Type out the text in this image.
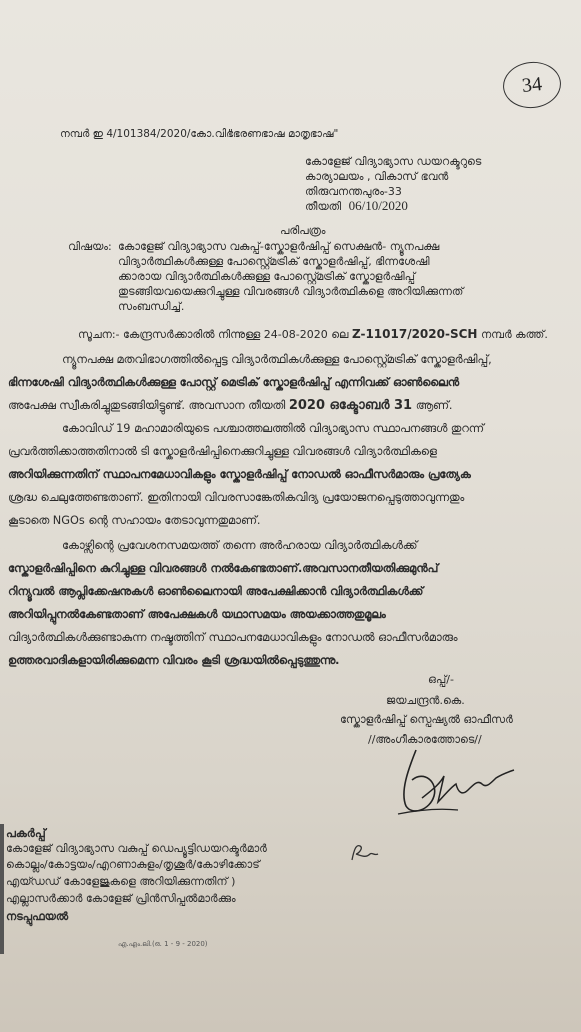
നമ്പർ ഇ 4/101384/2020/കോ.വിഭ
"ഭരണഭാഷ മാതൃഭാഷ"
34
കോളേജ് വിദ്യാഭ്യാസ ഡയറക്ടറുടെ
കാര്യാലയം , വികാസ് ഭവൻ
തിരുവനന്തപുരം-33
തീയതി 06/10/2020
പരിപത്രം
വിഷയം: കോളേജ് വിദ്യാഭ്യാസ വകുപ്പ്-സ്കോളർഷിപ്പ് സെക്ഷൻ- ന്യൂനപക്ഷ
വിദ്യാർത്ഥികൾക്കുള്ള പോസ്റ്റ്മെട്രിക് സ്കോളർഷിപ്പ്, ഭിന്നശേഷി
ക്കാരായ വിദ്യാർത്ഥികൾക്കുള്ള പോസ്റ്റ്മെട്രിക് സ്കോളർഷിപ്പ്
തുടങ്ങിയവയെക്കുറിച്ചുള്ള വിവരങ്ങൾ വിദ്യാർത്ഥികളെ അറിയിക്കുന്നത്
സംബന്ധിച്ച്.
സൂചന:- കേന്ദ്രസർക്കാരിൽ നിന്നുള്ള 24-08-2020 ലെ Z-11017/2020-SCH നമ്പർ കത്ത്.
ന്യൂനപക്ഷ മതവിഭാഗത്തിൽപ്പെട്ട വിദ്യാർത്ഥികൾക്കുള്ള പോസ്റ്റ്മെട്രിക് സ്കോളർഷിപ്പ്,
ഭിന്നശേഷി വിദ്യാർത്ഥികൾക്കുള്ള പോസ്റ്റ് മെട്രിക് സ്കോളർഷിപ്പ് എന്നിവക്ക് ഓൺലൈൻ
അപേക്ഷ സ്വീകരിച്ചുതുടങ്ങിയിട്ടുണ്ട്. അവസാന തീയതി 2020 ഒക്ടോബർ 31 ആണ്.
കോവിഡ് 19 മഹാമാരിയുടെ പശ്ചാത്തലത്തിൽ വിദ്യാഭ്യാസ സ്ഥാപനങ്ങൾ തുറന്ന്
പ്രവർത്തിക്കാത്തതിനാൽ ടി സ്കോളർഷിപ്പിനെക്കുറിച്ചുള്ള വിവരങ്ങൾ വിദ്യാർത്ഥികളെ
അറിയിക്കുന്നതിന് സ്ഥാപനമേധാവികളും സ്കോളർഷിപ്പ് നോഡൽ ഓഫീസർമാരും പ്രത്യേക
ശ്രദ്ധ ചെലുത്തേണ്ടതാണ്. ഇതിനായി വിവരസാങ്കേതികവിദ്യ പ്രയോജനപ്പെടുത്താവുന്നതും
കൂടാതെ NGOs ന്റെ സഹായം തേടാവുന്നതുമാണ്.
കോഴ്സിന്റെ പ്രവേശനസമയത്ത് തന്നെ അർഹരായ വിദ്യാർത്ഥികൾക്ക്
സ്കോളർഷിപ്പിനെ കുറിച്ചുള്ള വിവരങ്ങൾ നൽകേണ്ടതാണ്.അവസാനതീയതിക്കുമുൻപ്
റിന്യൂവൽ ആപ്ലിക്കേഷനുകൾ ഓൺലൈനായി അപേക്ഷിക്കാൻ വിദ്യാർത്ഥികൾക്ക്
അറിയിപ്പുനൽകേണ്ടതാണ് അപേക്ഷകൾ യഥാസമയം അയക്കാത്തതുമൂലം
വിദ്യാർത്ഥികൾക്കുണ്ടാകുന്ന നഷ്ടത്തിന് സ്ഥാപനമേധാവികളും നോഡൽ ഓഫീസർമാരും
ഉത്തരവാദികളായിരിക്കുമെന്ന വിവരം കൂടി ശ്രദ്ധയിൽപ്പെടുത്തുന്നു.
ഒപ്പ്/-
ജയചന്ദ്രൻ.കെ.
സ്കോളർഷിപ്പ് സ്പെഷ്യൽ ഓഫീസർ
//അംഗീകാരത്തോടെ//
പകർപ്പ്
കോളേജ് വിദ്യാഭ്യാസ വകുപ്പ് ഡെപ്യൂട്ടിഡയറക്ടർമാർ
കൊല്ലം/കോട്ടയം/എറണാകുളം/തൃശൂർ/കോഴിക്കോട്
എയ്ഡഡ് കോളേജുകളെ അറിയിക്കുന്നതിന് )
എല്ലാസർക്കാർ കോളേജ് പ്രിൻസിപ്പൽമാർക്കും
നടപ്പുഫയൽ
എ.എം.ലി.(ഒ. 1 - 9 - 2020)
